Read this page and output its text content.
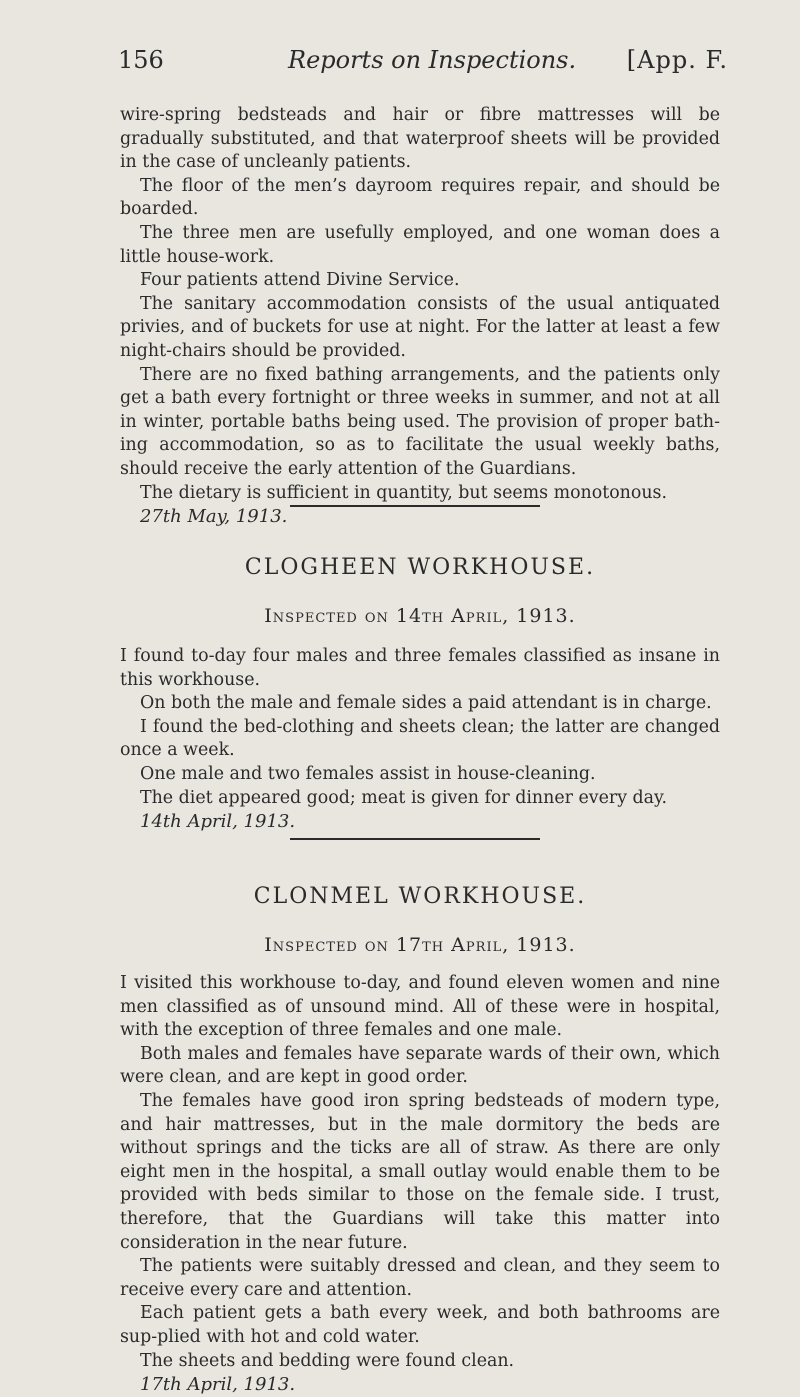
156	Reports on Inspections. [App. F.

wire-spring bedsteads and hair or fibre mattresses will be gradually substituted, and that waterproof sheets will be provided in the case of uncleanly patients.

The floor of the men’s dayroom requires repair, and should be boarded.

The three men are usefully employed, and one woman does a little house-work.

Four patients attend Divine Service.

The sanitary accommodation consists of the usual antiquated privies, and of buckets for use at night. For the latter at least a few night-chairs should be provided.

There are no fixed bathing arrangements, and the patients only get a bath every fortnight or three weeks in summer, and not at all in winter, portable baths being used. The provision of proper bath-ing accommodation, so as to facilitate the usual weekly baths, should receive the early attention of the Guardians.

The dietary is sufficient in quantity, but seems monotonous.

27th May, 1913.

CLOGHEEN WORKHOUSE.
Inspected on 14th April, 1913.

I found to-day four males and three females classified as insane in this workhouse.

On both the male and female sides a paid attendant is in charge.

I found the bed-clothing and sheets clean; the latter are changed once a week.

One male and two females assist in house-cleaning.

The diet appeared good; meat is given for dinner every day.

14th April, 1913.

CLONMEL WORKHOUSE.
Inspected on 17th April, 1913.

I visited this workhouse to-day, and found eleven women and nine men classified as of unsound mind. All of these were in hospital, with the exception of three females and one male.

Both males and females have separate wards of their own, which were clean, and are kept in good order.

The females have good iron spring bedsteads of modern type, and hair mattresses, but in the male dormitory the beds are without springs and the ticks are all of straw. As there are only eight men in the hospital, a small outlay would enable them to be provided with beds similar to those on the female side. I trust, therefore, that the Guardians will take this matter into consideration in the near future.

The patients were suitably dressed and clean, and they seem to receive every care and attention.

Each patient gets a bath every week, and both bathrooms are sup-plied with hot and cold water.

The sheets and bedding were found clean.

17th April, 1913.
